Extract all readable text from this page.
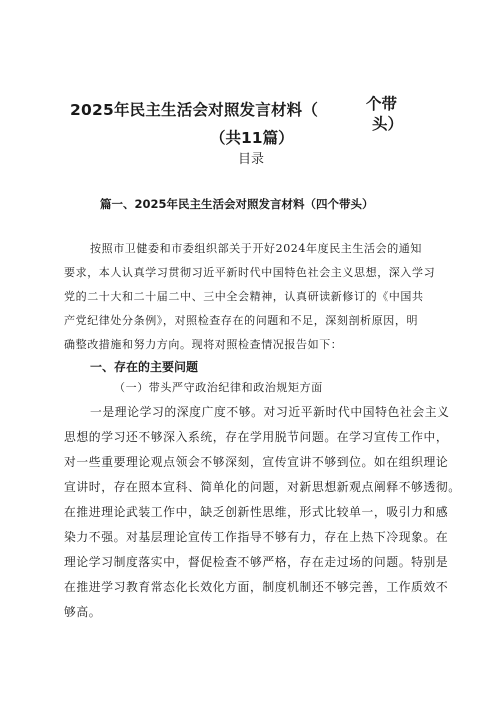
2025年民主生活会对照发言材料（	个带
头）
（共11篇）
目录
篇一、2025年民主生活会对照发言材料（四个带头）
按照市卫健委和市委组织部关于开好2024年度民主生活会的通知
要求，本人认真学习贯彻习近平新时代中国特色社会主义思想，深入学习
党的二十大和二十届二中、三中全会精神，认真研读新修订的《中国共
产党纪律处分条例》，对照检查存在的问题和不足，深刻剖析原因，明
确整改措施和努力方向。现将对照检查情况报告如下：
一、存在的主要问题
（一）带头严守政治纪律和政治规矩方面
一是理论学习的深度广度不够。对习近平新时代中国特色社会主义
思想的学习还不够深入系统，存在学用脱节问题。在学习宣传工作中，
对一些重要理论观点领会不够深刻，宣传宣讲不够到位。如在组织理论
宣讲时，存在照本宣科、简单化的问题，对新思想新观点阐释不够透彻。
在推进理论武装工作中，缺乏创新性思维，形式比较单一，吸引力和感
染力不强。对基层理论宣传工作指导不够有力，存在上热下冷现象。在
理论学习制度落实中，督促检查不够严格，存在走过场的问题。特别是
在推进学习教育常态化长效化方面，制度机制还不够完善，工作质效不
够高。
